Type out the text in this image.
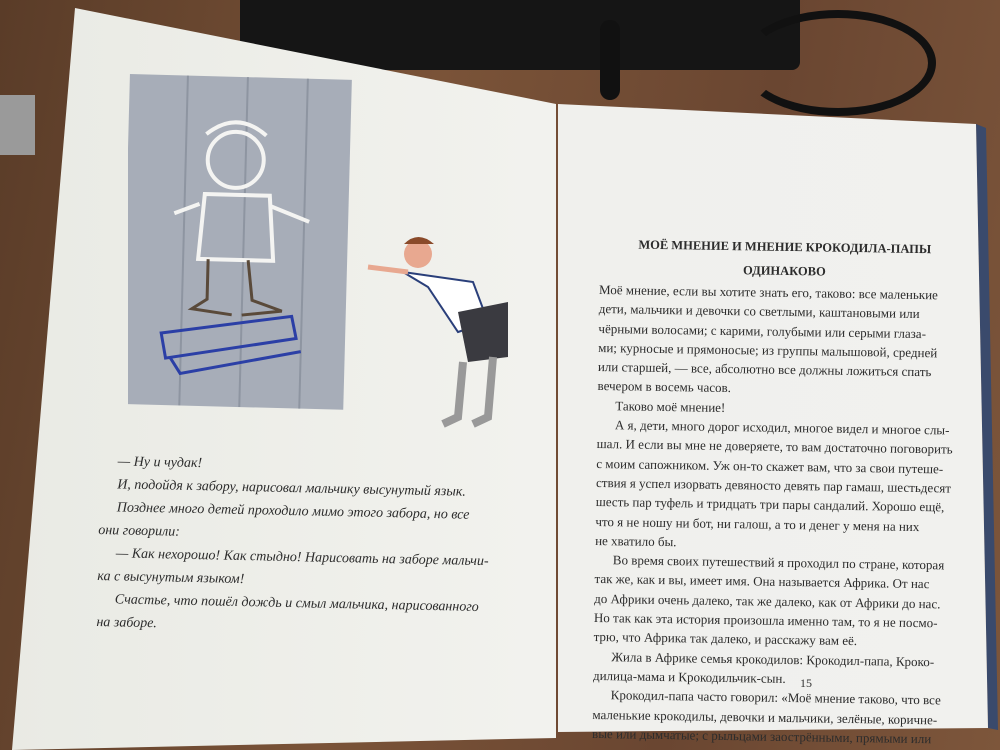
— Ну и чудак!
И, подойдя к забору, нарисовал мальчику высунутый язык.
Позднее много детей проходило мимо этого забора, но все
они говорили:
— Как нехорошо! Как стыдно! Нарисовать на заборе мальчи-
ка с высунутым языком!
Счастье, что пошёл дождь и смыл мальчика, нарисованного
на заборе.
МОЁ МНЕНИЕ И МНЕНИЕ КРОКОДИЛА-ПАПЫ
ОДИНАКОВО
Моё мнение, если вы хотите знать его, таково: все маленькие
дети, мальчики и девочки со светлыми, каштановыми или
чёрными волосами; с карими, голубыми или серыми глаза-
ми; курносые и прямоносые; из группы малышовой, средней
или старшей, — все, абсолютно все должны ложиться спать
вечером в восемь часов.
Таково моё мнение!
А я, дети, много дорог исходил, многое видел и многое слы-
шал. И если вы мне не доверяете, то вам достаточно поговорить
с моим сапожником. Уж он-то скажет вам, что за свои путеше-
ствия я успел изорвать девяносто девять пар гамаш, шестьдесят
шесть пар туфель и тридцать три пары сандалий. Хорошо ещё,
что я не ношу ни бот, ни галош, а то и денег у меня на них
не хватило бы.
Во время своих путешествий я проходил по стране, которая
так же, как и вы, имеет имя. Она называется Африка. От нас
до Африки очень далеко, так же далеко, как от Африки до нас.
Но так как эта история произошла именно там, то я не посмо-
трю, что Африка так далеко, и расскажу вам её.
Жила в Африке семья крокодилов: Крокодил-папа, Кроко-
дилица-мама и Крокодильчик-сын.
Крокодил-папа часто говорил: «Моё мнение таково, что все
маленькие крокодилы, девочки и мальчики, зелёные, коричне-
вые или дымчатые; с рыльцами заострёнными, прямыми или
15
